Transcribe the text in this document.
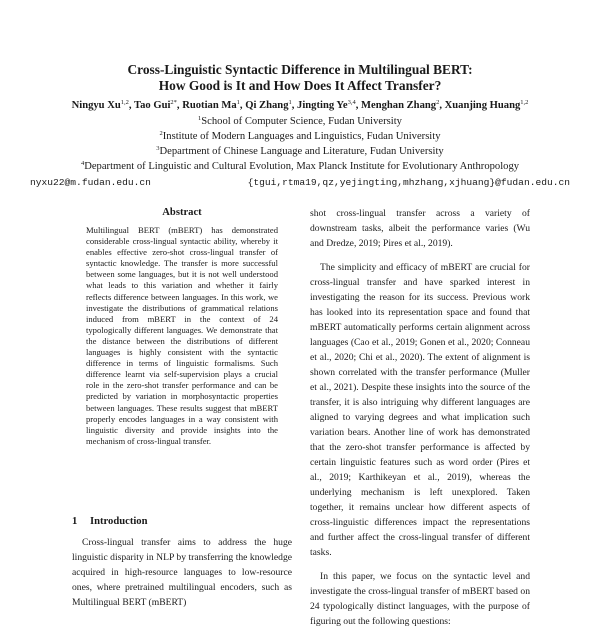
Cross-Linguistic Syntactic Difference in Multilingual BERT:
How Good is It and How Does It Affect Transfer?
Ningyu Xu$^{1,2}$, Tao Gui$^{2*}$, Ruotian Ma$^1$, Qi Zhang$^1$, Jingting Ye$^{3,4}$, Menghan Zhang$^2$, Xuanjing Huang$^{1,2}$
$^1$School of Computer Science, Fudan University
$^2$Institute of Modern Languages and Linguistics, Fudan University
$^3$Department of Chinese Language and Literature, Fudan University
$^4$Department of Linguistic and Cultural Evolution, Max Planck Institute for Evolutionary Anthropology
nyxu22@m.fudan.edu.cn	{tgui,rtma19,qz,yejingting,mhzhang,xjhuang}@fudan.edu.cn
Abstract

Multilingual BERT (mBERT) has demonstrated considerable cross-lingual syntactic ability, whereby it enables effective zero-shot cross-lingual transfer of syntactic knowledge. The transfer is more successful between some languages, but it is not well understood what leads to this variation and whether it fairly reflects difference between languages. In this work, we investigate the distributions of grammatical relations induced from mBERT in the context of 24 typologically different languages. We demonstrate that the distance between the distributions of different languages is highly consistent with the syntactic difference in terms of linguistic formalisms. Such difference learnt via self-supervision plays a crucial role in the zero-shot transfer performance and can be predicted by variation in morphosyntactic properties between languages. These results suggest that mBERT properly encodes languages in a way consistent with linguistic diversity and provide insights into the mechanism of cross-lingual transfer.

1 Introduction

Cross-lingual transfer aims to address the huge linguistic disparity in NLP by transferring the knowledge acquired in high-resource languages to low-resource ones, where pretrained multilingual encoders, such as Multilingual BERT (mBERT)

shot cross-lingual transfer across a variety of downstream tasks, albeit the performance varies (Wu and Dredze, 2019; Pires et al., 2019).

The simplicity and efficacy of mBERT are crucial for cross-lingual transfer and have sparked interest in investigating the reason for its success. Previous work has looked into its representation space and found that mBERT automatically performs certain alignment across languages (Cao et al., 2019; Gonen et al., 2020; Conneau et al., 2020; Chi et al., 2020). The extent of alignment is shown correlated with the transfer performance (Muller et al., 2021). Despite these insights into the source of the transfer, it is also intriguing why different languages are aligned to varying degrees and what implication such variation bears. Another line of work has demonstrated that the zero-shot transfer performance is affected by certain linguistic features such as word order (Pires et al., 2019; Karthikeyan et al., 2019), whereas the underlying mechanism is left unexplored. Taken together, it remains unclear how different aspects of cross-linguistic differences impact the representations and further affect the cross-lingual transfer of different tasks.

In this paper, we focus on the syntactic level and investigate the cross-lingual transfer of mBERT based on 24 typologically distinct languages, with the purpose of figuring out the following questions:
